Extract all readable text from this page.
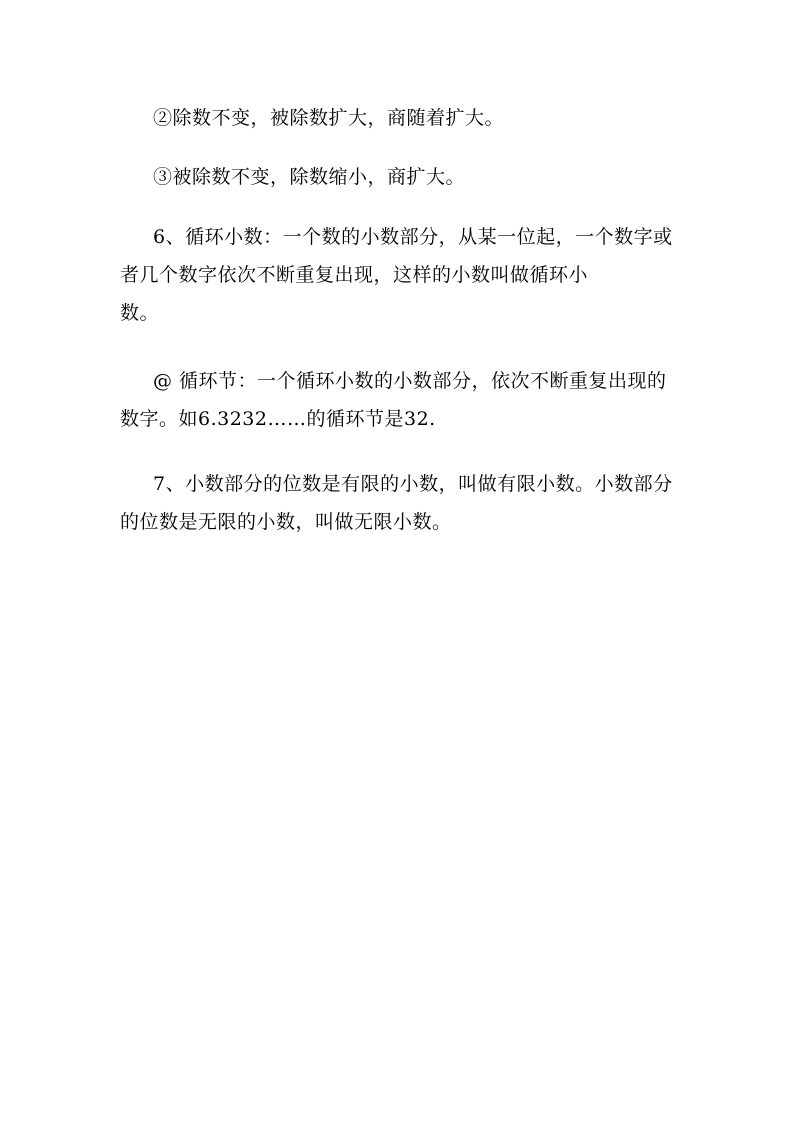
②除数不变，被除数扩大，商随着扩大。

③被除数不变，除数缩小，商扩大。

6、循环小数：一个数的小数部分，从某一位起，一个数字或
者几个数字依次不断重复出现，这样的小数叫做循环小
数。

@ 循环节：一个循环小数的小数部分，依次不断重复出现的
数字。如6.3232……的循环节是32.

7、小数部分的位数是有限的小数，叫做有限小数。小数部分
的位数是无限的小数，叫做无限小数。
